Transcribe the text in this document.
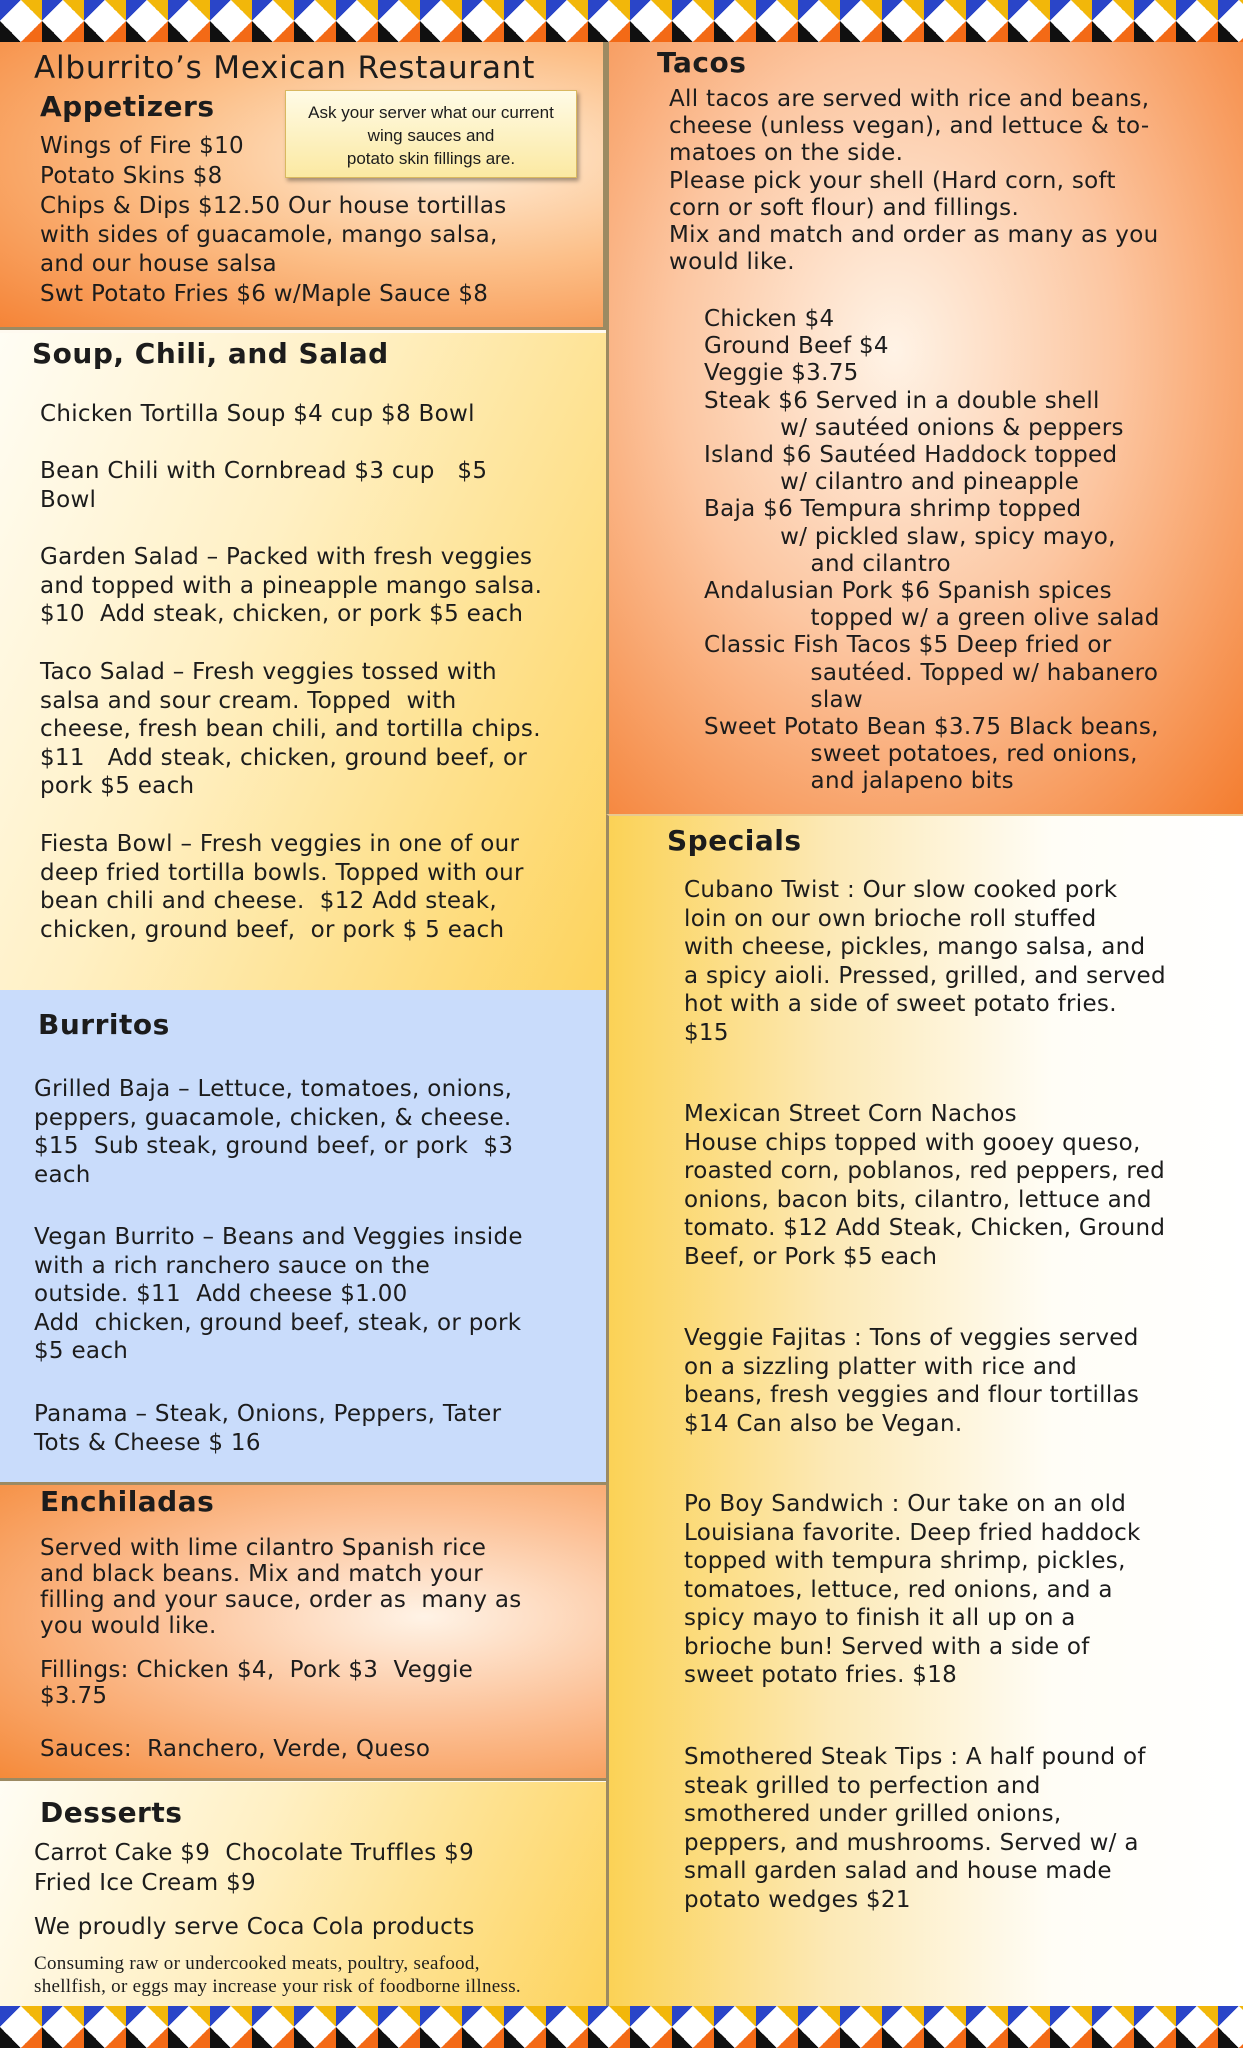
Alburrito’s Mexican Restaurant
Appetizers	Ask your server what our current
wing sauces and
potato skin fillings are.
Wings of Fire $10
Potato Skins $8
Chips & Dips $12.50 Our house tortillas
with sides of guacamole, mango salsa,
and our house salsa
Swt Potato Fries $6 w/Maple Sauce $8
Soup, Chili, and Salad
Chicken Tortilla Soup $4 cup $8 Bowl
Bean Chili with Cornbread $3 cup   $5
Bowl
Garden Salad – Packed with fresh veggies
and topped with a pineapple mango salsa.
$10  Add steak, chicken, or pork $5 each
Taco Salad – Fresh veggies tossed with
salsa and sour cream. Topped  with
cheese, fresh bean chili, and tortilla chips.
$11   Add steak, chicken, ground beef, or
pork $5 each
Fiesta Bowl – Fresh veggies in one of our
deep fried tortilla bowls. Topped with our
bean chili and cheese.  $12 Add steak,
chicken, ground beef,  or pork $ 5 each
Burritos
Grilled Baja – Lettuce, tomatoes, onions,
peppers, guacamole, chicken, & cheese.
$15  Sub steak, ground beef, or pork  $3
each
Vegan Burrito – Beans and Veggies inside
with a rich ranchero sauce on the
outside. $11  Add cheese $1.00
Add  chicken, ground beef, steak, or pork
$5 each
Panama – Steak, Onions, Peppers, Tater
Tots & Cheese $ 16
Enchiladas
Served with lime cilantro Spanish rice
and black beans. Mix and match your
filling and your sauce, order as  many as
you would like.
Fillings: Chicken $4,  Pork $3  Veggie
$3.75
Sauces:  Ranchero, Verde, Queso
Desserts
Carrot Cake $9  Chocolate Truffles $9
Fried Ice Cream $9
We proudly serve Coca Cola products
Consuming raw or undercooked meats, poultry, seafood,
shellfish, or eggs may increase your risk of foodborne illness.
Tacos
All tacos are served with rice and beans,
cheese (unless vegan), and lettuce & to-
matoes on the side.
Please pick your shell (Hard corn, soft
corn or soft flour) and fillings.
Mix and match and order as many as you
would like.
Chicken $4
Ground Beef $4
Veggie $3.75
Steak $6 Served in a double shell
w/ sautéed onions & peppers
Island $6 Sautéed Haddock topped
w/ cilantro and pineapple
Baja $6 Tempura shrimp topped
w/ pickled slaw, spicy mayo,
and cilantro
Andalusian Pork $6 Spanish spices
topped w/ a green olive salad
Classic Fish Tacos $5 Deep fried or
sautéed. Topped w/ habanero
slaw
Sweet Potato Bean $3.75 Black beans,
sweet potatoes, red onions,
and jalapeno bits
Specials
Cubano Twist : Our slow cooked pork
loin on our own brioche roll stuffed
with cheese, pickles, mango salsa, and
a spicy aioli. Pressed, grilled, and served
hot with a side of sweet potato fries.
$15
Mexican Street Corn Nachos
House chips topped with gooey queso,
roasted corn, poblanos, red peppers, red
onions, bacon bits, cilantro, lettuce and
tomato. $12 Add Steak, Chicken, Ground
Beef, or Pork $5 each
Veggie Fajitas : Tons of veggies served
on a sizzling platter with rice and
beans, fresh veggies and flour tortillas
$14 Can also be Vegan.
Po Boy Sandwich : Our take on an old
Louisiana favorite. Deep fried haddock
topped with tempura shrimp, pickles,
tomatoes, lettuce, red onions, and a
spicy mayo to finish it all up on a
brioche bun! Served with a side of
sweet potato fries. $18
Smothered Steak Tips : A half pound of
steak grilled to perfection and
smothered under grilled onions,
peppers, and mushrooms. Served w/ a
small garden salad and house made
potato wedges $21
